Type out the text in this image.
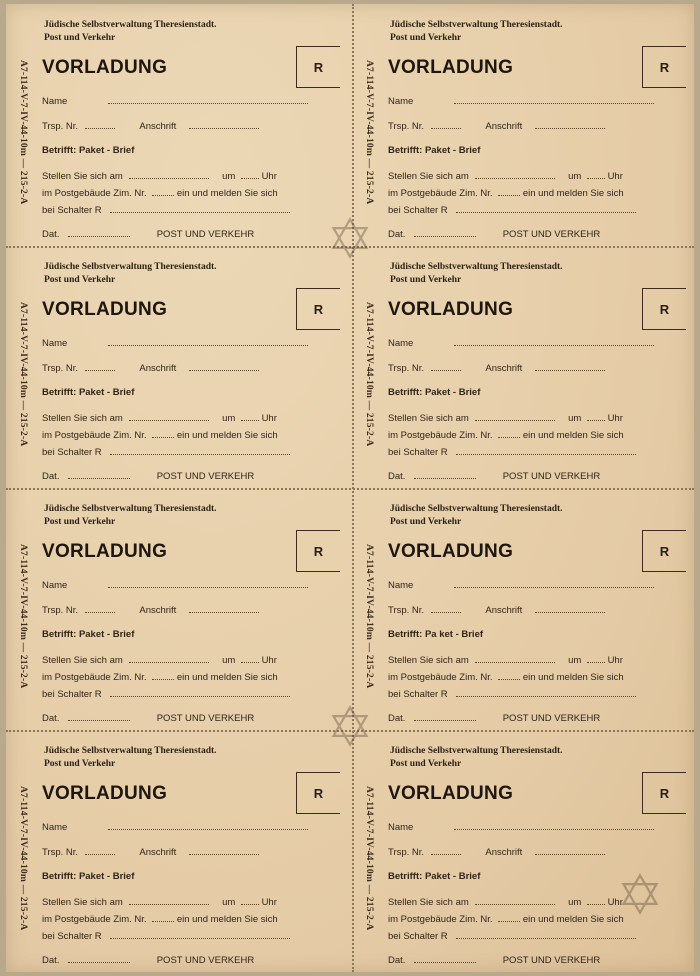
A7-114-V-7-IV-44-10m — 215-2-A
Jüdische Selbstverwaltung Theresienstadt.
Post und Verkehr
VORLADUNG	R
Name
Trsp. Nr.	Anschrift
Betrifft: Paket - Brief
Stellen Sie sich am	um	Uhr
im Postgebäude Zim. Nr.	ein und melden Sie sich
bei Schalter R
Dat.	POST UND VERKEHR
A7-114-V-7-IV-44-10m — 215-2-A
Jüdische Selbstverwaltung Theresienstadt.
Post und Verkehr
VORLADUNG	R
Name
Trsp. Nr.	Anschrift
Betrifft: Paket - Brief
Stellen Sie sich am	um	Uhr
im Postgebäude Zim. Nr.	ein und melden Sie sich
bei Schalter R
Dat.	POST UND VERKEHR
A7-114-V-7-IV-44-10m — 215-2-A
Jüdische Selbstverwaltung Theresienstadt.
Post und Verkehr
VORLADUNG	R
Name
Trsp. Nr.	Anschrift
Betrifft: Paket - Brief
Stellen Sie sich am	um	Uhr
im Postgebäude Zim. Nr.	ein und melden Sie sich
bei Schalter R
Dat.	POST UND VERKEHR
A7-114-V-7-IV-44-10m — 215-2-A
Jüdische Selbstverwaltung Theresienstadt.
Post und Verkehr
VORLADUNG	R
Name
Trsp. Nr.	Anschrift
Betrifft: Paket - Brief
Stellen Sie sich am	um	Uhr
im Postgebäude Zim. Nr.	ein und melden Sie sich
bei Schalter R
Dat.	POST UND VERKEHR
A7-114-V-7-IV-44-10m — 215-2-A
Jüdische Selbstverwaltung Theresienstadt.
Post und Verkehr
VORLADUNG	R
Name
Trsp. Nr.	Anschrift
Betrifft: Paket - Brief
Stellen Sie sich am	um	Uhr
im Postgebäude Zim. Nr.	ein und melden Sie sich
bei Schalter R
Dat.	POST UND VERKEHR
A7-114-V-7-IV-44-10m — 215-2-A
Jüdische Selbstverwaltung Theresienstadt.
Post und Verkehr
VORLADUNG	R
Name
Trsp. Nr.	Anschrift
Betrifft: Pa ket - Brief
Stellen Sie sich am	um	Uhr
im Postgebäude Zim. Nr.	ein und melden Sie sich
bei Schalter R
Dat.	POST UND VERKEHR
A7-114-V-7-IV-44-10m — 215-2-A
Jüdische Selbstverwaltung Theresienstadt.
Post und Verkehr
VORLADUNG	R
Name
Trsp. Nr.	Anschrift
Betrifft: Paket - Brief
Stellen Sie sich am	um	Uhr
im Postgebäude Zim. Nr.	ein und melden Sie sich
bei Schalter R
Dat.	POST UND VERKEHR
A7-114-V-7-IV-44-10m — 215-2-A
Jüdische Selbstverwaltung Theresienstadt.
Post und Verkehr
VORLADUNG	R
Name
Trsp. Nr.	Anschrift
Betrifft: Paket - Brief
Stellen Sie sich am	um	Uhr
im Postgebäude Zim. Nr.	ein und melden Sie sich
bei Schalter R
Dat.	POST UND VERKEHR
